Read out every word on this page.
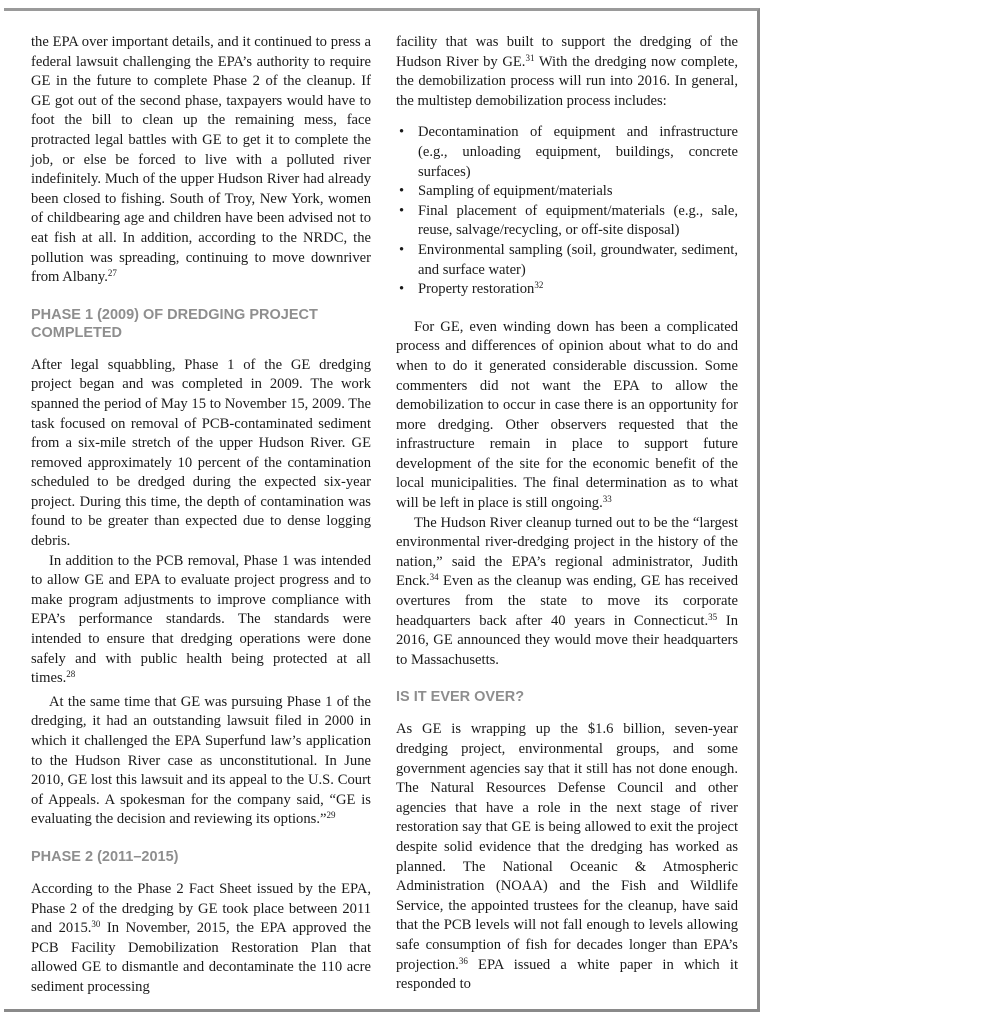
the EPA over important details, and it continued to press a federal lawsuit challenging the EPA’s authority to require GE in the future to complete Phase 2 of the cleanup. If GE got out of the second phase, taxpayers would have to foot the bill to clean up the remaining mess, face protracted legal battles with GE to get it to complete the job, or else be forced to live with a polluted river indefinitely. Much of the upper Hudson River had already been closed to fishing. South of Troy, New York, women of childbearing age and children have been advised not to eat fish at all. In addition, according to the NRDC, the pollution was spreading, continuing to move downriver from Albany.$^{27}$

PHASE 1 (2009) OF DREDGING PROJECT COMPLETED

After legal squabbling, Phase 1 of the GE dredging project began and was completed in 2009. The work spanned the period of May 15 to November 15, 2009. The task focused on removal of PCB-contaminated sediment from a six-mile stretch of the upper Hudson River. GE removed approximately 10 percent of the contamination scheduled to be dredged during the expected six-year project. During this time, the depth of contamination was found to be greater than expected due to dense logging debris.

In addition to the PCB removal, Phase 1 was intended to allow GE and EPA to evaluate project progress and to make program adjustments to improve compliance with EPA’s performance standards. The standards were intended to ensure that dredging operations were done safely and with public health being protected at all times.$^{28}$

At the same time that GE was pursuing Phase 1 of the dredging, it had an outstanding lawsuit filed in 2000 in which it challenged the EPA Superfund law’s application to the Hudson River case as unconstitutional. In June 2010, GE lost this lawsuit and its appeal to the U.S. Court of Appeals. A spokesman for the company said, “GE is evaluating the decision and reviewing its options.”$^{29}$

PHASE 2 (2011–2015)

According to the Phase 2 Fact Sheet issued by the EPA, Phase 2 of the dredging by GE took place between 2011 and 2015.30 In November, 2015, the EPA approved the PCB Facility Demobilization Restoration Plan that allowed GE to dismantle and decontaminate the 110 acre sediment processing

facility that was built to support the dredging of the Hudson River by GE.$^{31}$ With the dredging now complete, the demobilization process will run into 2016. In general, the multistep demobilization process includes:

• Decontamination of equipment and infrastructure (e.g., unloading equipment, buildings, concrete surfaces)
• Sampling of equipment/materials
• Final placement of equipment/materials (e.g., sale, reuse, salvage/recycling, or off-site disposal)
• Environmental sampling (soil, groundwater, sediment, and surface water)
• Property restoration$^{32}$

For GE, even winding down has been a complicated process and differences of opinion about what to do and when to do it generated considerable discussion. Some commenters did not want the EPA to allow the demobilization to occur in case there is an opportunity for more dredging. Other observers requested that the infrastructure remain in place to support future development of the site for the economic benefit of the local municipalities. The final determination as to what will be left in place is still ongoing.$^{33}$

The Hudson River cleanup turned out to be the “largest environmental river-dredging project in the history of the nation,” said the EPA’s regional administrator, Judith Enck.$^{34}$ Even as the cleanup was ending, GE has received overtures from the state to move its corporate headquarters back after 40 years in Connecticut.$^{35}$ In 2016, GE announced they would move their headquarters to Massachusetts.

IS IT EVER OVER?

As GE is wrapping up the $1.6 billion, seven-year dredging project, environmental groups, and some government agencies say that it still has not done enough. The Natural Resources Defense Council and other agencies that have a role in the next stage of river restoration say that GE is being allowed to exit the project despite solid evidence that the dredging has worked as planned. The National Oceanic & Atmospheric Administration (NOAA) and the Fish and Wildlife Service, the appointed trustees for the cleanup, have said that the PCB levels will not fall enough to levels allowing safe consumption of fish for decades longer than EPA’s projection.$^{36}$ EPA issued a white paper in which it responded to
